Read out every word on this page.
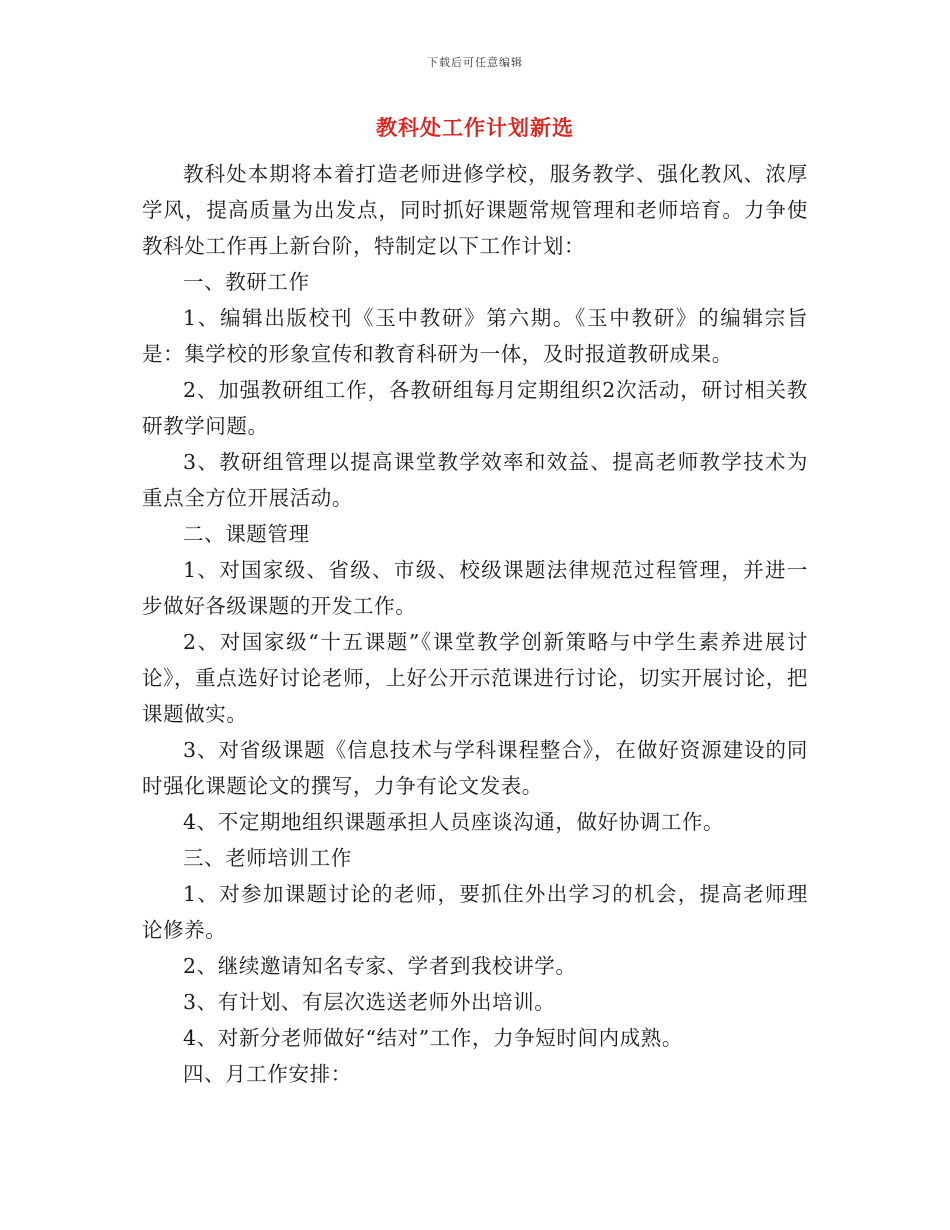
下载后可任意编辑
教科处工作计划新选

教科处本期将本着打造老师进修学校，服务教学、强化教风、浓厚学风，提高质量为出发点，同时抓好课题常规管理和老师培育。力争使教科处工作再上新台阶，特制定以下工作计划：

一、教研工作

1、编辑出版校刊《玉中教研》第六期。《玉中教研》的编辑宗旨是：集学校的形象宣传和教育科研为一体，及时报道教研成果。

2、加强教研组工作，各教研组每月定期组织2次活动，研讨相关教研教学问题。

3、教研组管理以提高课堂教学效率和效益、提高老师教学技术为重点全方位开展活动。

二、课题管理

1、对国家级、省级、市级、校级课题法律规范过程管理，并进一步做好各级课题的开发工作。

2、对国家级“十五课题”《课堂教学创新策略与中学生素养进展讨论》，重点选好讨论老师，上好公开示范课进行讨论，切实开展讨论，把课题做实。

3、对省级课题《信息技术与学科课程整合》，在做好资源建设的同时强化课题论文的撰写，力争有论文发表。

4、不定期地组织课题承担人员座谈沟通，做好协调工作。

三、老师培训工作

1、对参加课题讨论的老师，要抓住外出学习的机会，提高老师理论修养。

2、继续邀请知名专家、学者到我校讲学。

3、有计划、有层次选送老师外出培训。

4、对新分老师做好“结对”工作，力争短时间内成熟。

四、月工作安排：
